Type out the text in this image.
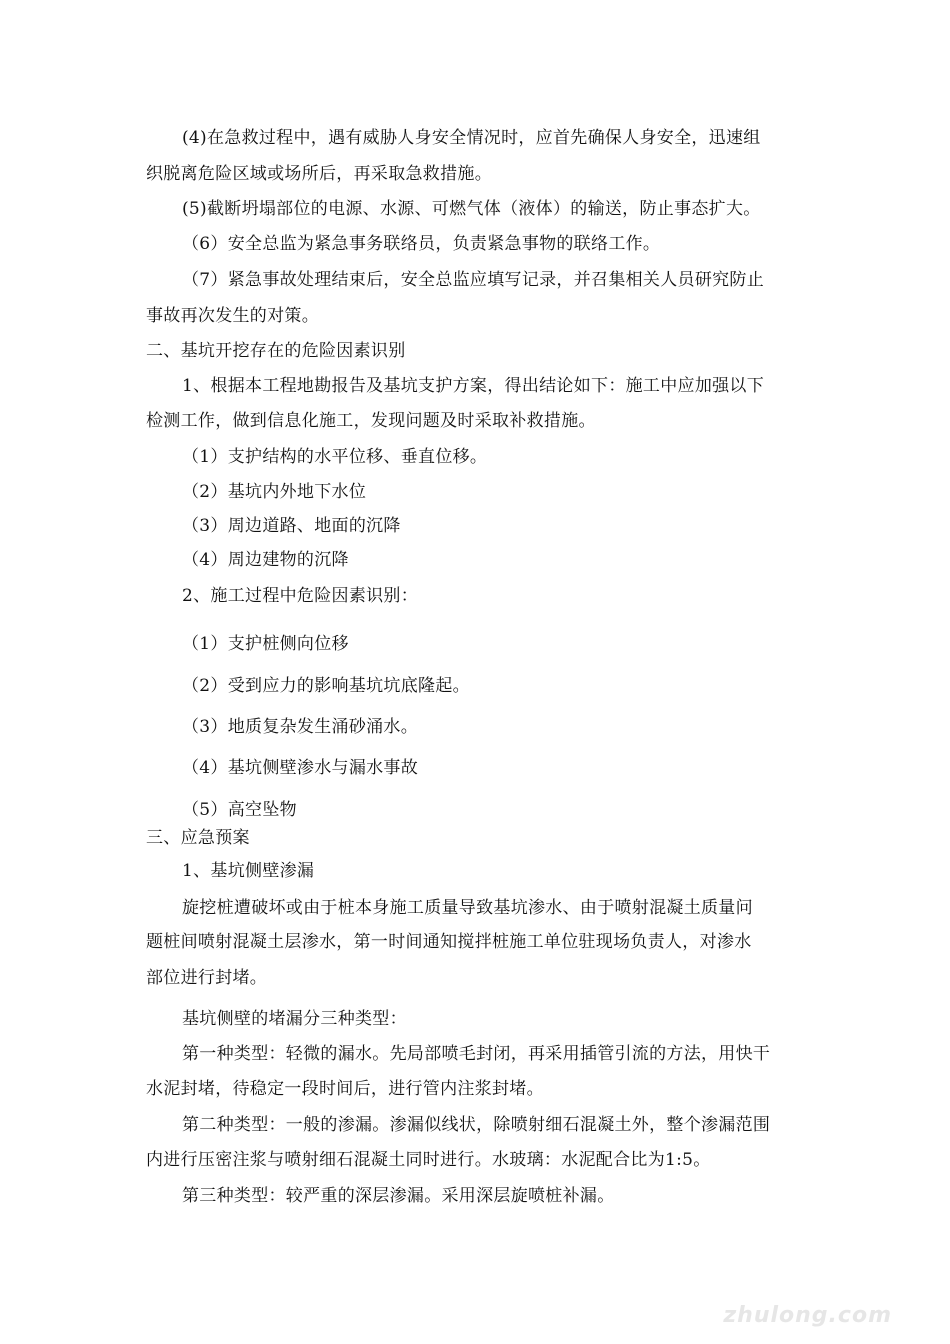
(4)在急救过程中，遇有威胁人身安全情况时，应首先确保人身安全，迅速组
织脱离危险区域或场所后，再采取急救措施。
(5)截断坍塌部位的电源、水源、可燃气体（液体）的输送，防止事态扩大。
（6）安全总监为紧急事务联络员，负责紧急事物的联络工作。
（7）紧急事故处理结束后，安全总监应填写记录，并召集相关人员研究防止
事故再次发生的对策。
二、基坑开挖存在的危险因素识别
1、根据本工程地勘报告及基坑支护方案，得出结论如下：施工中应加强以下
检测工作，做到信息化施工，发现问题及时采取补救措施。
（1）支护结构的水平位移、垂直位移。
（2）基坑内外地下水位
（3）周边道路、地面的沉降
（4）周边建物的沉降
2、施工过程中危险因素识别：
（1）支护桩侧向位移
（2）受到应力的影响基坑坑底隆起。
（3）地质复杂发生涌砂涌水。
（4）基坑侧壁渗水与漏水事故
（5）高空坠物
三、应急预案
1、基坑侧壁渗漏
旋挖桩遭破坏或由于桩本身施工质量导致基坑渗水、由于喷射混凝土质量问
题桩间喷射混凝土层渗水，第一时间通知搅拌桩施工单位驻现场负责人，对渗水
部位进行封堵。
基坑侧壁的堵漏分三种类型：
第一种类型：轻微的漏水。先局部喷毛封闭，再采用插管引流的方法，用快干
水泥封堵，待稳定一段时间后，进行管内注浆封堵。
第二种类型：一般的渗漏。渗漏似线状，除喷射细石混凝土外，整个渗漏范围
内进行压密注浆与喷射细石混凝土同时进行。水玻璃：水泥配合比为1:5。
第三种类型：较严重的深层渗漏。采用深层旋喷桩补漏。
zhulong.com
